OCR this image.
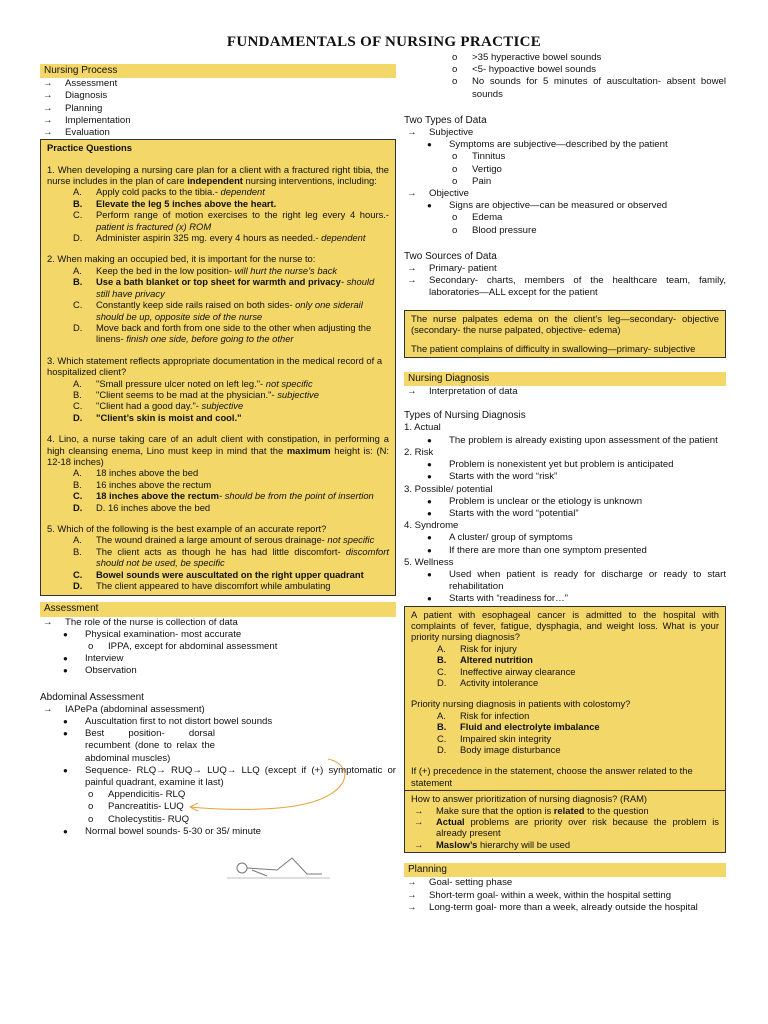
FUNDAMENTALS OF NURSING PRACTICE
Nursing Process
→ Assessment
→ Diagnosis
→ Planning
→ Implementation
→ Evaluation
Practice Questions
1. When developing a nursing care plan for a client with a fractured right tibia, the nurse includes in the plan of care independent nursing interventions, including:
A.	Apply cold packs to the tibia.- dependent
B.	Elevate the leg 5 inches above the heart.
C.	Perform range of motion exercises to the right leg every 4 hours.- patient is fractured (x) ROM
D.	Administer aspirin 325 mg. every 4 hours as needed.- dependent
2. When making an occupied bed, it is important for the nurse to:
A.	Keep the bed in the low position- will hurt the nurse’s back
B.	Use a bath blanket or top sheet for warmth and privacy- should still have privacy
C.	Constantly keep side rails raised on both sides- only one siderail should be up, opposite side of the nurse
D.	Move back and forth from one side to the other when adjusting the linens- finish one side, before going to the other
3. Which statement reflects appropriate documentation in the medical record of a hospitalized client?
A.	"Small pressure ulcer noted on left leg."- not specific
B.	"Client seems to be mad at the physician."- subjective
C.	"Client had a good day."- subjective
D.	"Client’s skin is moist and cool."
4. Lino, a nurse taking care of an adult client with constipation, in performing a high cleansing enema, Lino must keep in mind that the maximum height is: (N: 12-18 inches)
A.	18 inches above the bed
B.	16 inches above the rectum
C.	18 inches above the rectum- should be from the point of insertion
D.	D. 16 inches above the bed
5. Which of the following is the best example of an accurate report?
A.	The wound drained a large amount of serous drainage- not specific
B.	The client acts as though he has had little discomfort- discomfort should not be used, be specific
C.	Bowel sounds were auscultated on the right upper quadrant
D.	The client appeared to have discomfort while ambulating
Assessment
→ The role of the nurse is collection of data
●	Physical examination- most accurate
o	IPPA, except for abdominal assessment
●	Interview
●	Observation
Abdominal Assessment
→ IAPePa (abdominal assessment)
●	Auscultation first to not distort bowel sounds
●	Best position- dorsal recumbent (done to relax the abdominal muscles)
●	Sequence- RLQ→ RUQ→ LUQ→ LLQ (except if (+) symptomatic or painful quadrant, examine it last)
o	Appendicitis- RLQ
o	Pancreatitis- LUQ
o	Cholecystitis- RUQ
●	Normal bowel sounds- 5-30 or 35/ minute
o	>35 hyperactive bowel sounds
o	<5- hypoactive bowel sounds
o	No sounds for 5 minutes of auscultation- absent bowel sounds
Two Types of Data
→ Subjective
●	Symptoms are subjective—described by the patient
o	Tinnitus
o	Vertigo
o	Pain
→ Objective
●	Signs are objective—can be measured or observed
o	Edema
o	Blood pressure
Two Sources of Data
→ Primary- patient
→	Secondary- charts, members of the healthcare team, family, laboratories—ALL except for the patient

The nurse palpates edema on the client’s leg—secondary- objective (secondary- the nurse palpated, objective- edema)

The patient complains of difficulty in swallowing—primary- subjective

Nursing Diagnosis
→ Interpretation of data
Types of Nursing Diagnosis
1. Actual
●	The problem is already existing upon assessment of the patient
2. Risk
●	Problem is nonexistent yet but problem is anticipated
●	Starts with the word “risk”
3. Possible/ potential
●	Problem is unclear or the etiology is unknown
●	Starts with the word “potential”
4. Syndrome
●	A cluster/ group of symptoms
●	If there are more than one symptom presented
5. Wellness
●	Used when patient is ready for discharge or ready to start rehabilitation
●	Starts with “readiness for…”

A patient with esophageal cancer is admitted to the hospital with complaints of fever, fatigue, dysphagia, and weight loss. What is your priority nursing diagnosis?

A.	Risk for injury
B.	Altered nutrition
C.	Ineffective airway clearance
D.	Activity intolerance

Priority nursing diagnosis in patients with colostomy?

A.	Risk for infection
B.	Fluid and electrolyte imbalance
C.	Impaired skin integrity
D.	Body image disturbance

If (+) precedence in the statement, choose the answer related to the statement

How to answer prioritization of nursing diagnosis? (RAM)

→	Make sure that the option is related to the question
→	Actual problems are priority over risk because the problem is already present
→	Maslow’s hierarchy will be used
Planning
→ Goal- setting phase
→	Short-term goal- within a week, within the hospital setting
→	Long-term goal- more than a week, already outside the hospital
